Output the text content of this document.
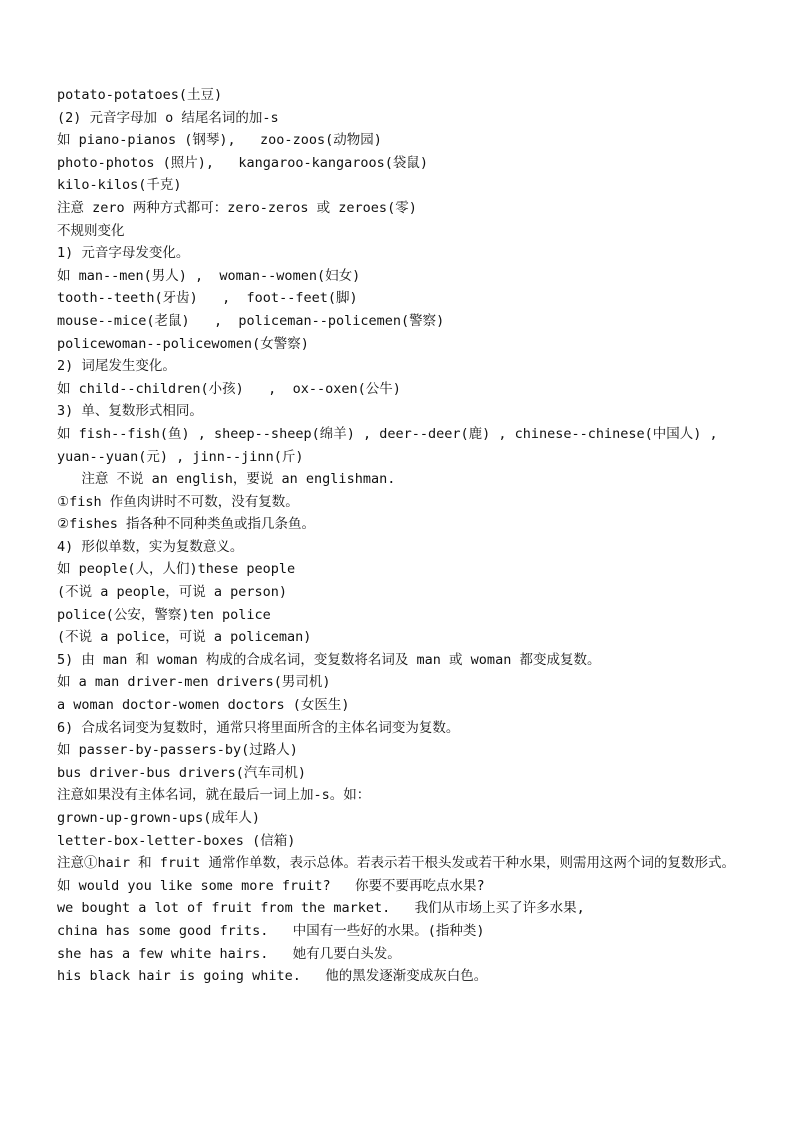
potato-potatoes(土豆)
(2) 元音字母加 o 结尾名词的加-s
如 piano-pianos (钢琴),   zoo-zoos(动物园)
photo-photos (照片),   kangaroo-kangaroos(袋鼠)
kilo-kilos(千克)
注意 zero 两种方式都可：zero-zeros 或 zeroes(零)
不规则变化
1) 元音字母发变化。
如 man--men(男人) ,  woman--women(妇女)
tooth--teeth(牙齿)   ,  foot--feet(脚)
mouse--mice(老鼠)   ,  policeman--policemen(警察)
policewoman--policewomen(女警察)
2) 词尾发生变化。
如 child--children(小孩)   ,  ox--oxen(公牛)
3) 单、复数形式相同。
如 fish--fish(鱼) , sheep--sheep(绵羊) , deer--deer(鹿) , chinese--chinese(中国人) ,
yuan--yuan(元) , jinn--jinn(斤)
注意 不说 an english，要说 an englishman.
①fish 作鱼肉讲时不可数，没有复数。
②fishes 指各种不同种类鱼或指几条鱼。
4) 形似单数，实为复数意义。
如 people(人，人们)these people
(不说 a people，可说 a person)
police(公安，警察)ten police
(不说 a police，可说 a policeman)
5) 由 man 和 woman 构成的合成名词，变复数将名词及 man 或 woman 都变成复数。
如 a man driver-men drivers(男司机)
a woman doctor-women doctors (女医生)
6) 合成名词变为复数时，通常只将里面所含的主体名词变为复数。
如 passer-by-passers-by(过路人)
bus driver-bus drivers(汽车司机)
注意如果没有主体名词，就在最后一词上加-s。如：
grown-up-grown-ups(成年人)
letter-box-letter-boxes (信箱)
注意①hair 和 fruit 通常作单数，表示总体。若表示若干根头发或若干种水果，则需用这两个词的复数形式。
如 would you like some more fruit?   你要不要再吃点水果?
we bought a lot of fruit from the market.   我们从市场上买了许多水果,
china has some good frits.   中国有一些好的水果。(指种类)
she has a few white hairs.   她有几要白头发。
his black hair is going white.   他的黑发逐渐变成灰白色。
